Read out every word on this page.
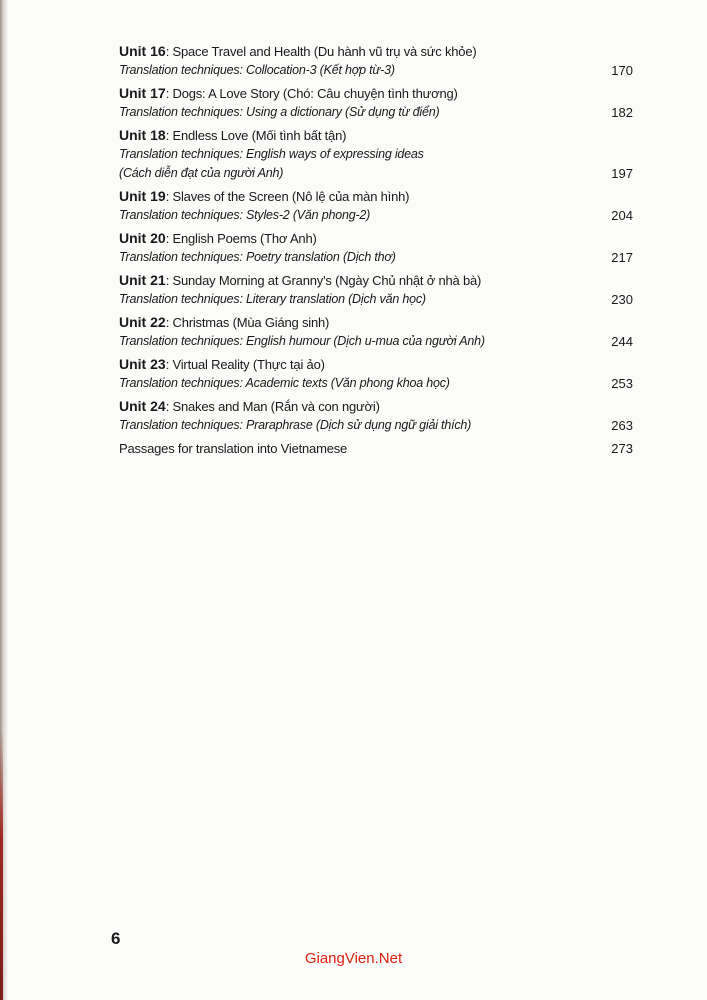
Unit 16: Space Travel and Health (Du hành vũ trụ và sức khỏe)
Translation techniques: Collocation-3 (Kết hợp từ-3)	170
Unit 17: Dogs: A Love Story (Chó: Câu chuyện tình thương)
Translation techniques: Using a dictionary (Sử dụng từ điển)	182
Unit 18: Endless Love (Mối tình bất tận)
Translation techniques: English ways of expressing ideas
(Cách diễn đạt của người Anh)	197
Unit 19: Slaves of the Screen (Nô lệ của màn hình)
Translation techniques: Styles-2 (Văn phong-2)	204
Unit 20: English Poems (Thơ Anh)
Translation techniques: Poetry translation (Dịch thơ)	217
Unit 21: Sunday Morning at Granny's (Ngày Chủ nhật ở nhà bà)
Translation techniques: Literary translation (Dịch văn học)	230
Unit 22: Christmas (Mùa Giáng sinh)
Translation techniques: English humour (Dịch u-mua của người Anh)	244
Unit 23: Virtual Reality (Thực tại ảo)
Translation techniques: Academic texts (Văn phong khoa học)	253
Unit 24: Snakes and Man (Rắn và con người)
Translation techniques: Praraphrase (Dịch sử dụng ngữ giải thích)	263
Passages for translation into Vietnamese	273
6
GiangVien.Net
